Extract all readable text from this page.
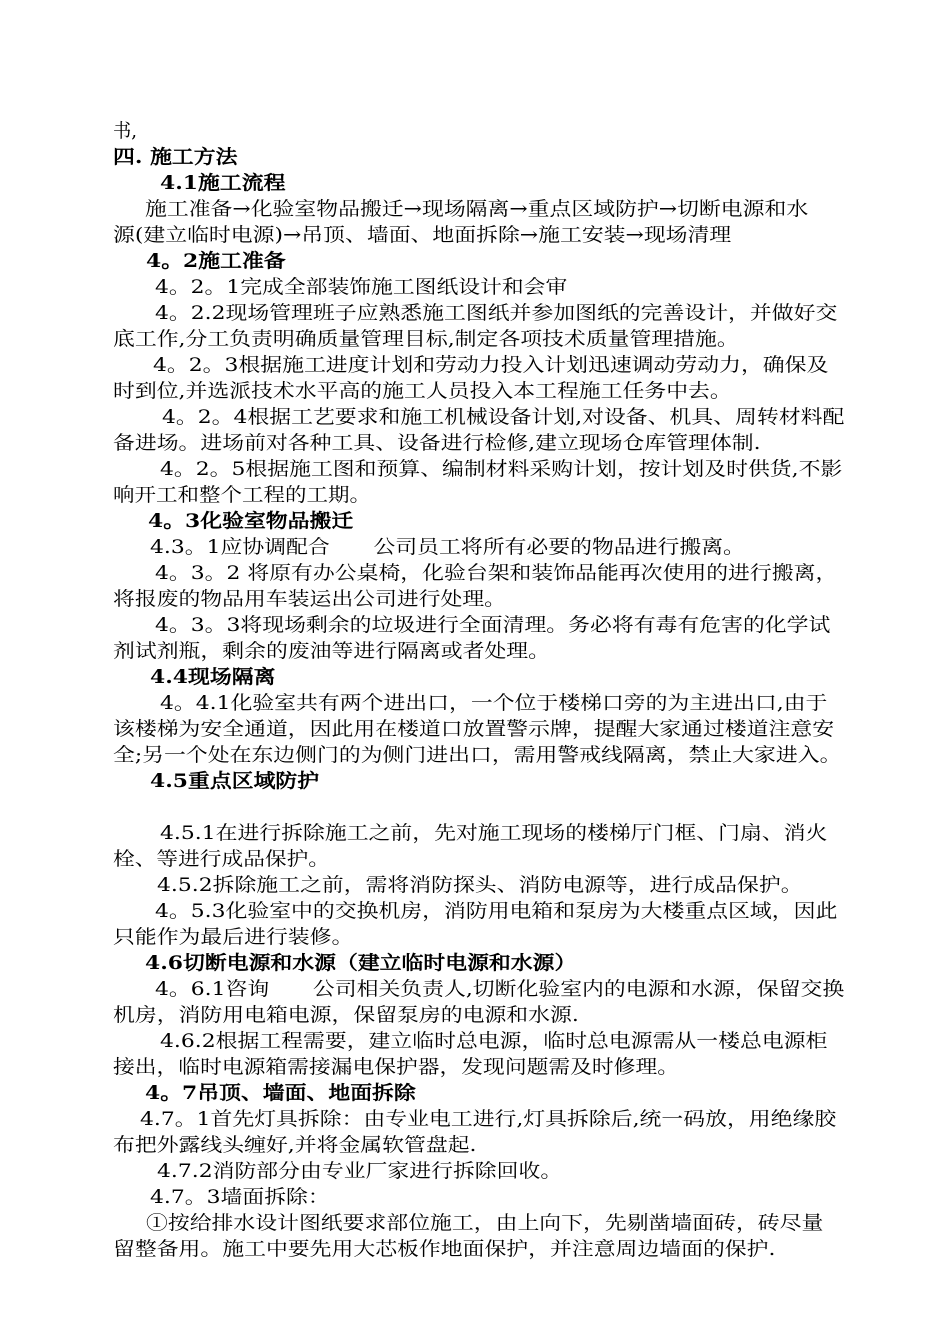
书,
四. 施工方法
4.1施工流程
施工准备→化验室物品搬迁→现场隔离→重点区域防护→切断电源和水
源(建立临时电源)→吊顶、墙面、地面拆除→施工安装→现场清理
4。2施工准备
4。2。1完成全部装饰施工图纸设计和会审
4。2.2现场管理班子应熟悉施工图纸并参加图纸的完善设计，并做好交
底工作,分工负责明确质量管理目标,制定各项技术质量管理措施。
4。2。3根据施工进度计划和劳动力投入计划迅速调动劳动力，确保及
时到位,并选派技术水平高的施工人员投入本工程施工任务中去。
4。2。4根据工艺要求和施工机械设备计划,对设备、机具、周转材料配
备进场。进场前对各种工具、设备进行检修,建立现场仓库管理体制.
4。2。5根据施工图和预算、编制材料采购计划，按计划及时供货,不影
响开工和整个工程的工期。
4。3化验室物品搬迁
4.3。1应协调配合　　公司员工将所有必要的物品进行搬离。
4。3。2 将原有办公桌椅，化验台架和装饰品能再次使用的进行搬离，
将报废的物品用车装运出公司进行处理。
4。3。3将现场剩余的垃圾进行全面清理。务必将有毒有危害的化学试
剂试剂瓶，剩余的废油等进行隔离或者处理。
4.4现场隔离
4。4.1化验室共有两个进出口，一个位于楼梯口旁的为主进出口,由于
该楼梯为安全通道，因此用在楼道口放置警示牌，提醒大家通过楼道注意安
全;另一个处在东边侧门的为侧门进出口，需用警戒线隔离，禁止大家进入。
4.5重点区域防护
4.5.1在进行拆除施工之前，先对施工现场的楼梯厅门框、门扇、消火
栓、等进行成品保护。
4.5.2拆除施工之前，需将消防探头、消防电源等，进行成品保护。
4。5.3化验室中的交换机房，消防用电箱和泵房为大楼重点区域，因此
只能作为最后进行装修。
4.6切断电源和水源（建立临时电源和水源）
4。6.1咨询　　公司相关负责人,切断化验室内的电源和水源，保留交换
机房，消防用电箱电源，保留泵房的电源和水源.
4.6.2根据工程需要，建立临时总电源，临时总电源需从一楼总电源柜
接出，临时电源箱需接漏电保护器，发现问题需及时修理。
4。7吊顶、墙面、地面拆除
4.7。1首先灯具拆除：由专业电工进行,灯具拆除后,统一码放，用绝缘胶
布把外露线头缠好,并将金属软管盘起.
4.7.2消防部分由专业厂家进行拆除回收。
4.7。3墙面拆除：
①按给排水设计图纸要求部位施工，由上向下，先剔凿墙面砖，砖尽量
留整备用。施工中要先用大芯板作地面保护，并注意周边墙面的保护.
